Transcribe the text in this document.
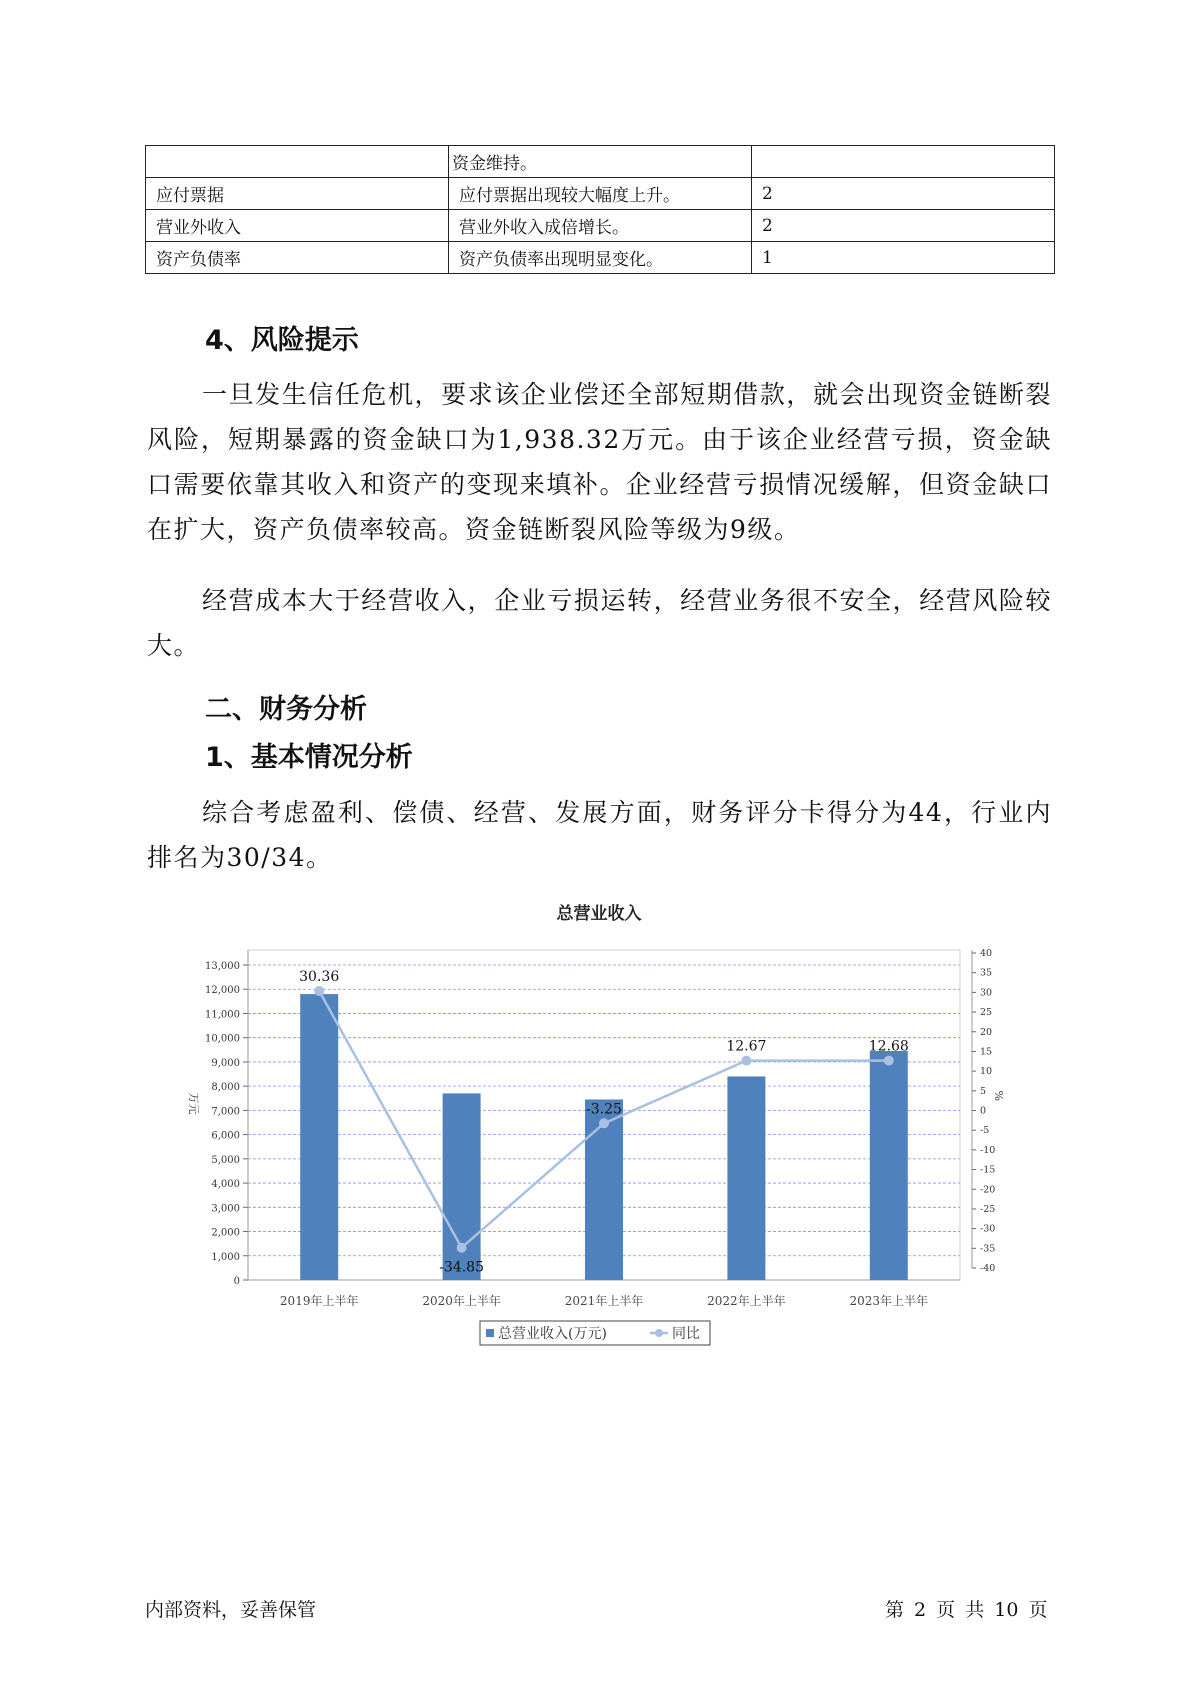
	资金维持。	
应付票据	应付票据出现较大幅度上升。	2
营业外收入	营业外收入成倍增长。	2
资产负债率	资产负债率出现明显变化。	1
4、风险提示

一旦发生信任危机，要求该企业偿还全部短期借款，就会出现资金链断裂风险，短期暴露的资金缺口为1,938.32万元。由于该企业经营亏损，资金缺口需要依靠其收入和资产的变现来填补。企业经营亏损情况缓解，但资金缺口在扩大，资产负债率较高。资金链断裂风险等级为9级。

经营成本大于经营收入，企业亏损运转，经营业务很不安全，经营风险较大。

二、财务分析
1、基本情况分析

综合考虑盈利、偿债、经营、发展方面，财务评分卡得分为44，行业内排名为30/34。

总营业收入
0
1,000
2,000
3,000
4,000
5,000
6,000
7,000
8,000
9,000
10,000
11,000
12,000
13,000
40
35
30
25
20
15
10
5
0
-5
-10
-15
-20
-25
-30
-35
-40
万元	%
2019年上半年	2020年上半年	2021年上半年	2022年上半年	2023年上半年
30.36
-34.85
-3.25
12.67	12.68
总营业收入(万元)	同比
内部资料，妥善保管	第 2 页 共 10 页
